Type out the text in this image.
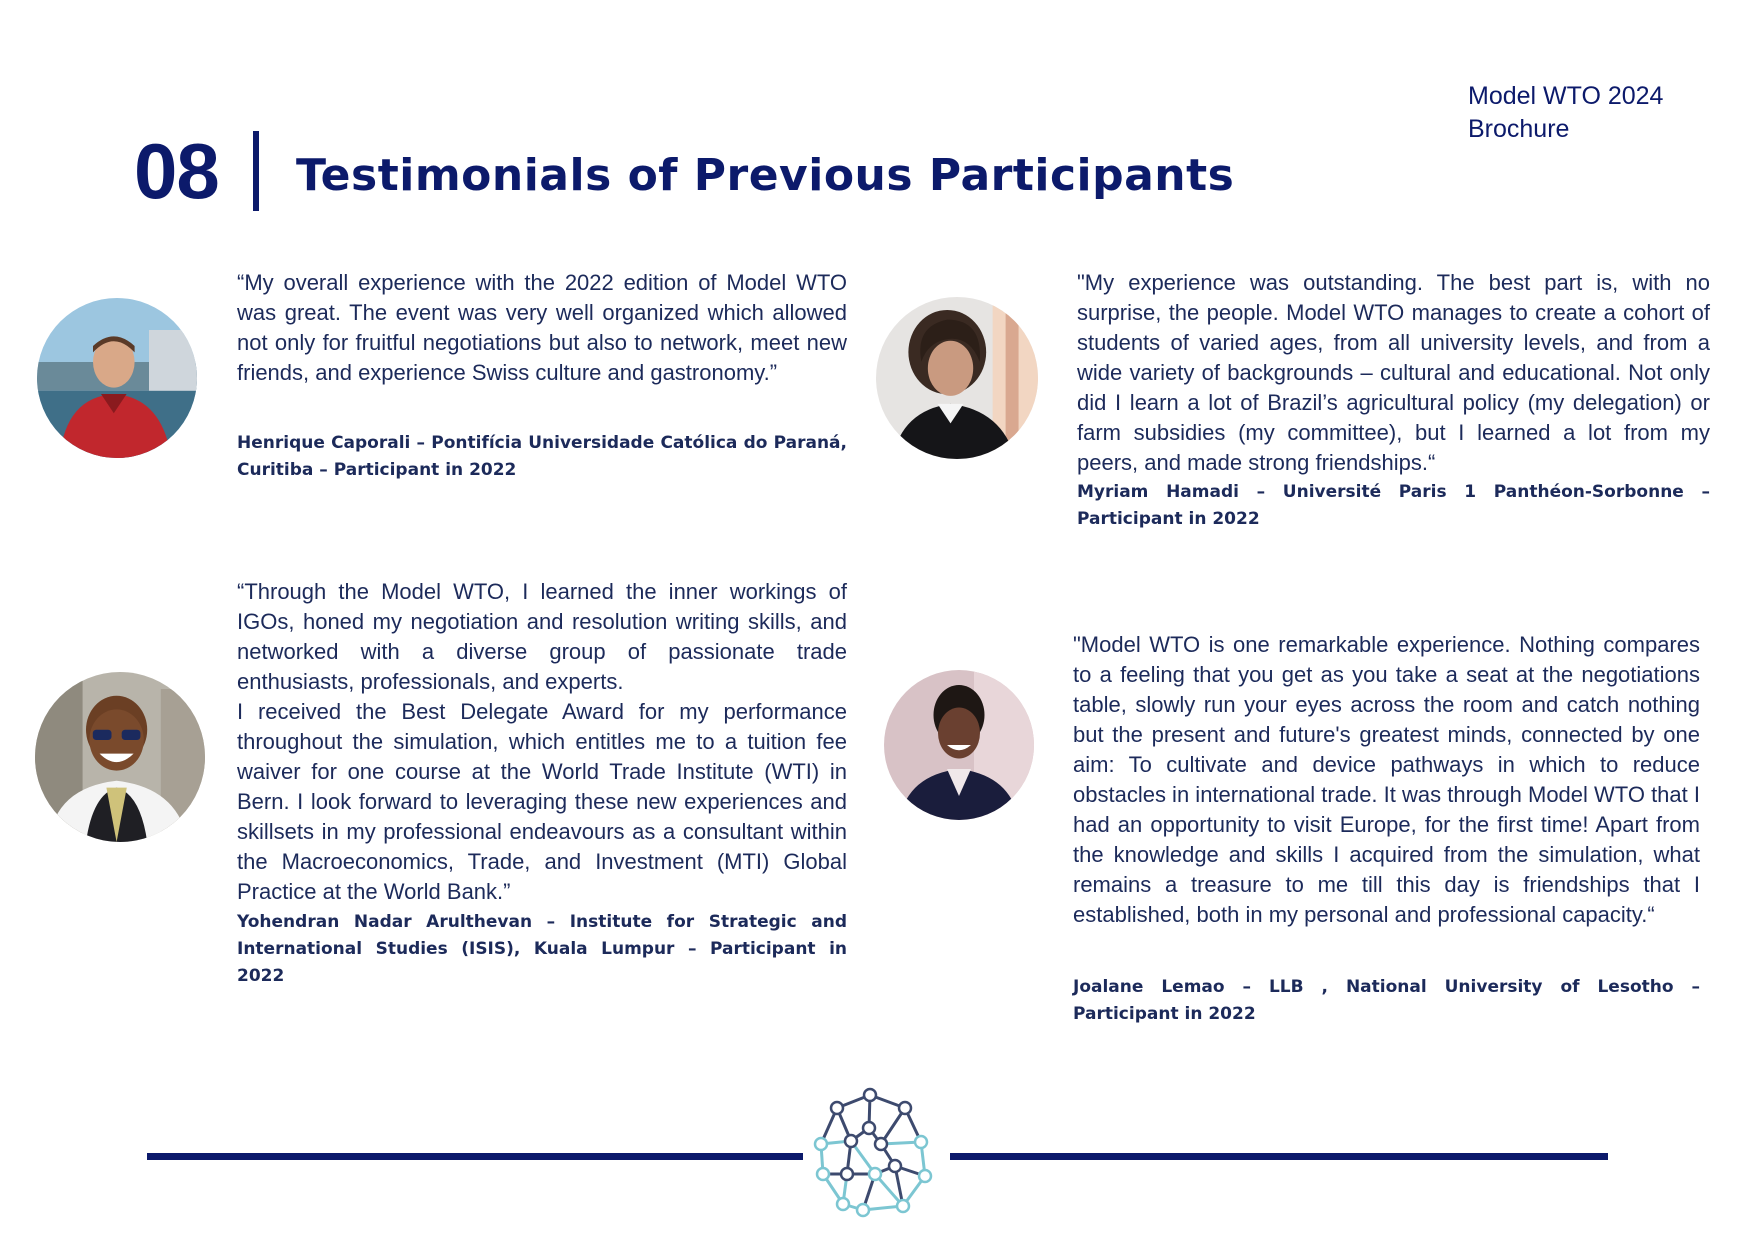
Model WTO 2024
Brochure
08 Testimonials of Previous Participants

“My overall experience with the 2022 edition of Model WTO was great. The event was very well organized which allowed not only for fruitful negotiations but also to network, meet new friends, and experience Swiss culture and gastronomy.”

Henrique Caporali – Pontifícia Universidade Católica do Paraná, Curitiba – Participant in 2022

"My experience was outstanding. The best part is, with no surprise, the people. Model WTO manages to create a cohort of students of varied ages, from all university levels, and from a wide variety of backgrounds – cultural and educational. Not only did I learn a lot of Brazil’s agricultural policy (my delegation) or farm subsidies (my committee), but I learned a lot from my peers, and made strong friendships.“

Myriam Hamadi – Université Paris 1 Panthéon-Sorbonne – Participant in 2022

“Through the Model WTO, I learned the inner workings of IGOs, honed my negotiation and resolution writing skills, and networked with a diverse group of passionate trade enthusiasts, professionals, and experts.
I received the Best Delegate Award for my performance throughout the simulation, which entitles me to a tuition fee waiver for one course at the World Trade Institute (WTI) in Bern. I look forward to leveraging these new experiences and skillsets in my professional endeavours as a consultant within the Macroeconomics, Trade, and Investment (MTI) Global Practice at the World Bank.”

Yohendran Nadar Arulthevan – Institute for Strategic and International Studies (ISIS), Kuala Lumpur – Participant in 2022

"Model WTO is one remarkable experience. Nothing compares to a feeling that you get as you take a seat at the negotiations table, slowly run your eyes across the room and catch nothing but the present and future's greatest minds, connected by one aim: To cultivate and device pathways in which to reduce obstacles in international trade. It was through Model WTO that I had an opportunity to visit Europe, for the first time! Apart from the knowledge and skills I acquired from the simulation, what remains a treasure to me till this day is friendships that I established, both in my personal and professional capacity.“

Joalane Lemao – LLB , National University of Lesotho – Participant in 2022
